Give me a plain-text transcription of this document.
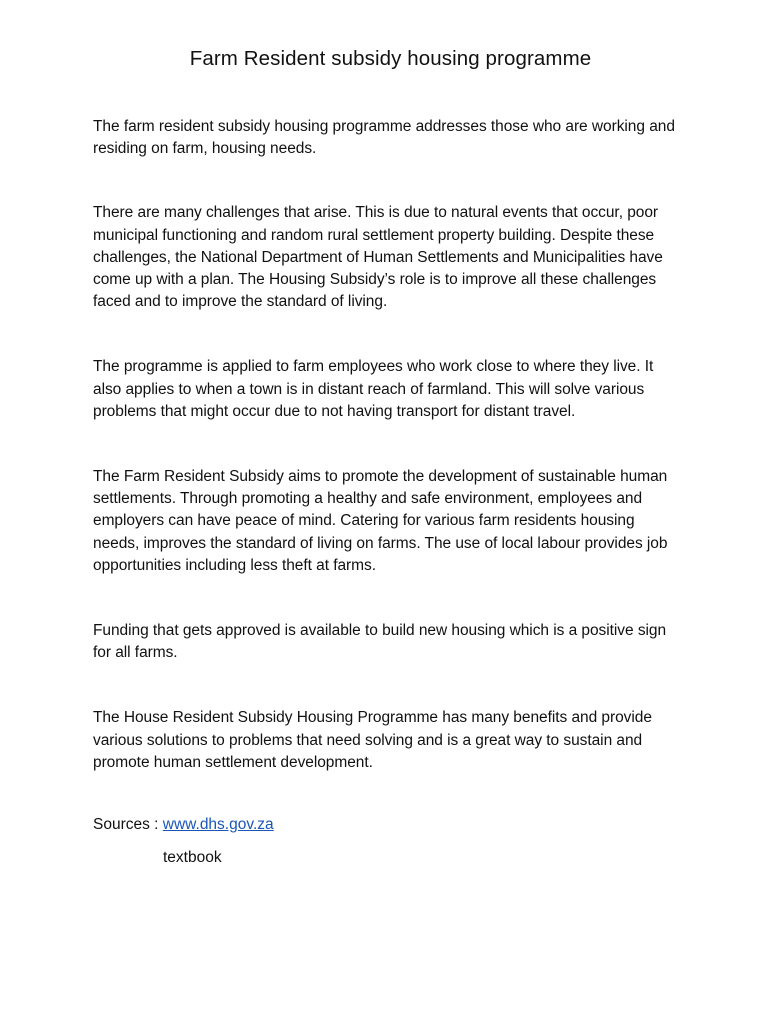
Farm Resident subsidy housing programme

The farm resident subsidy housing programme addresses those who are working and residing on farm, housing needs.

There are many challenges that arise. This is due to natural events that occur, poor municipal functioning and random rural settlement property building. Despite these challenges, the National Department of Human Settlements and Municipalities have come up with a plan. The Housing Subsidy’s role is to improve all these challenges faced and to improve the standard of living.

The programme is applied to farm employees who work close to where they live. It also applies to when a town is in distant reach of farmland. This will solve various problems that might occur due to not having transport for distant travel.

The Farm Resident Subsidy aims to promote the development of sustainable human settlements. Through promoting a healthy and safe environment, employees and employers can have peace of mind. Catering for various farm residents housing needs, improves the standard of living on farms. The use of local labour provides job opportunities including less theft at farms.

Funding that gets approved is available to build new housing which is a positive sign for all farms.

The House Resident Subsidy Housing Programme has many benefits and provide various solutions to problems that need solving and is a great way to sustain and promote human settlement development.

Sources : www.dhs.gov.za

textbook
